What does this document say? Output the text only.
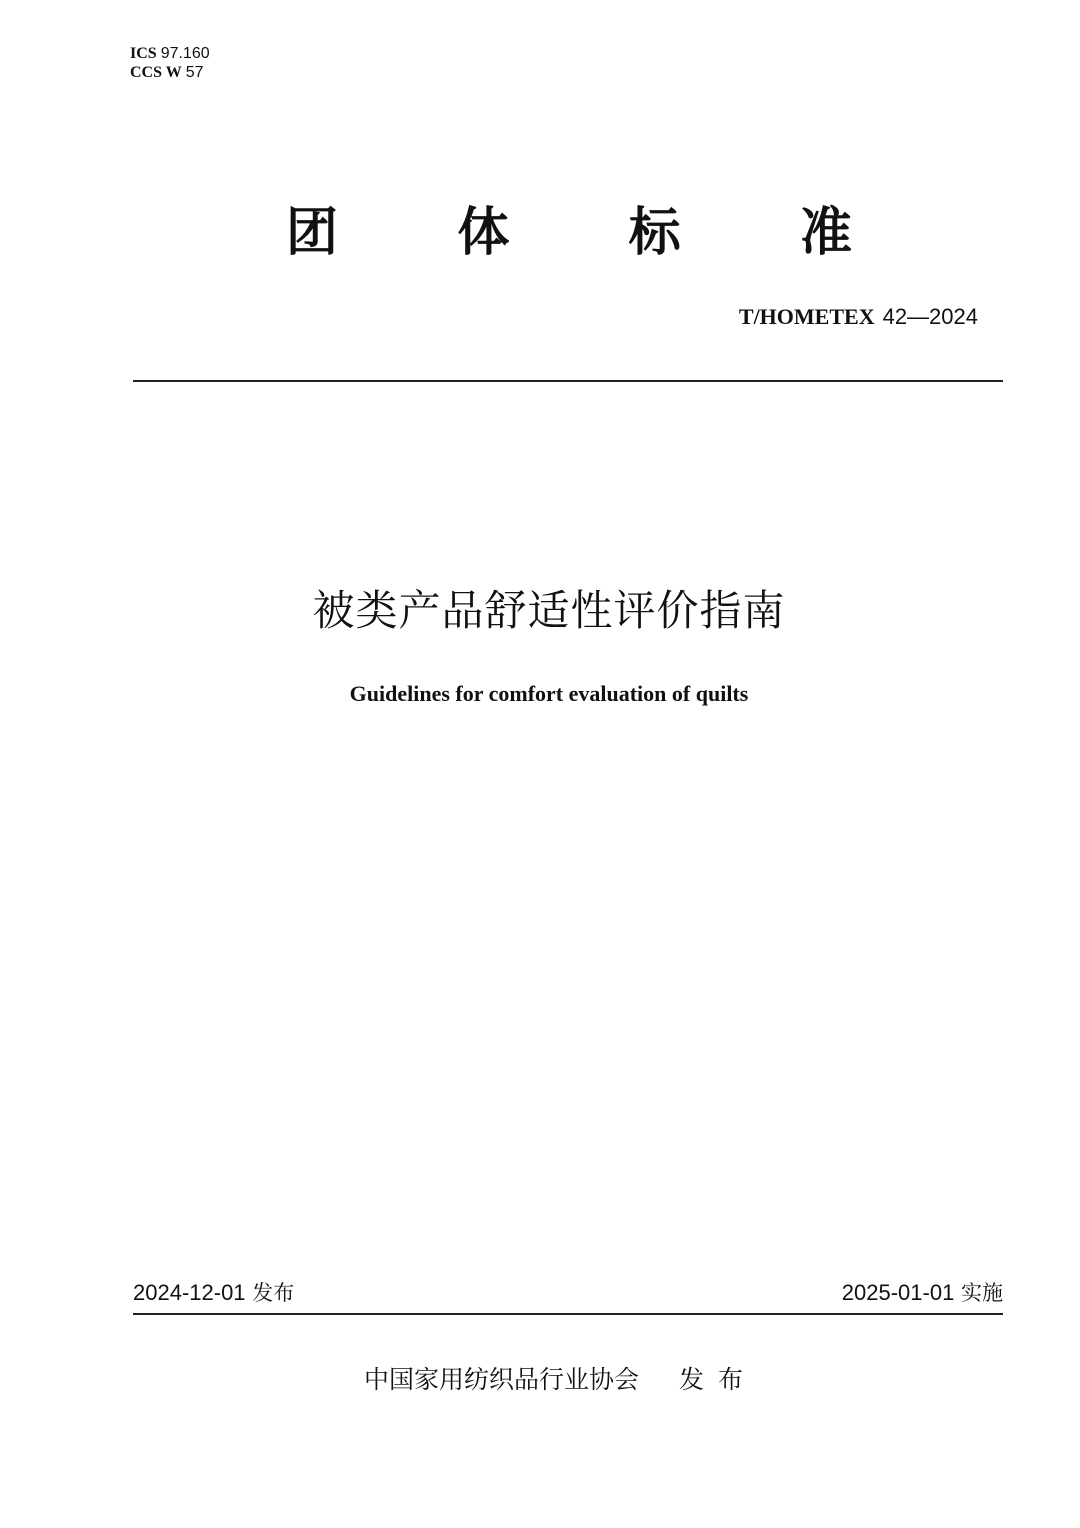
ICS 97.160
CCS W 57
团 体 标 准
T/HOMETEX 42—2024
被类产品舒适性评价指南
Guidelines for comfort evaluation of quilts
2024-12-01 发布	2025-01-01 实施
中国家用纺织品行业协会 发布
